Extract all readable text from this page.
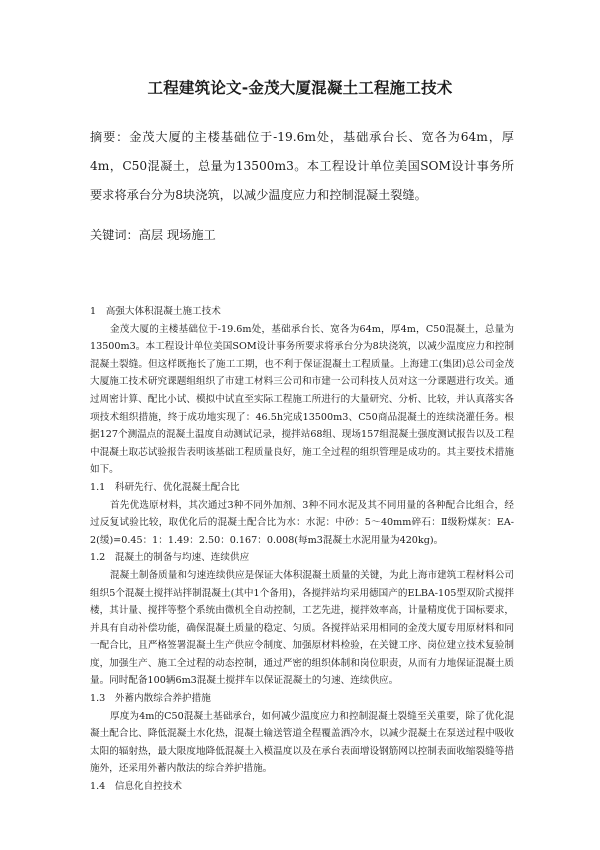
工程建筑论文-金茂大厦混凝土工程施工技术

摘要：金茂大厦的主楼基础位于-19.6m处，基础承台长、宽各为64m，厚4m，C50混凝土，总量为13500m3。本工程设计单位美国SOM设计事务所要求将承台分为8块浇筑，以减少温度应力和控制混凝土裂缝。

关键词：高层 现场施工

1　高强大体积混凝土施工技术

金茂大厦的主楼基础位于-19.6m处，基础承台长、宽各为64m，厚4m，C50混凝土，总量为13500m3。本工程设计单位美国SOM设计事务所要求将承台分为8块浇筑，以减少温度应力和控制混凝土裂缝。但这样既拖长了施工工期，也不利于保证混凝土工程质量。上海建工(集团)总公司金茂大厦施工技术研究课题组组织了市建工材料三公司和市建一公司科技人员对这一分课题进行攻关。通过周密计算、配比小试、模拟中试直至实际工程施工所进行的大量研究、分析、比较，并认真落实各项技术组织措施，终于成功地实现了：46.5h完成13500m3、C50商品混凝土的连续浇灌任务。根据127个测温点的混凝土温度自动测试记录，搅拌站68组、现场157组混凝土强度测试报告以及工程中混凝土取芯试验报告表明该基础工程质量良好，施工全过程的组织管理是成功的。其主要技术措施如下。

1.1　科研先行、优化混凝土配合比

首先优选原材料，其次通过3种不同外加剂、3种不同水泥及其不同用量的各种配合比组合，经过反复试验比较，取优化后的混凝土配合比为水：水泥：中砂：5～40mm碎石：Ⅱ级粉煤灰：EA-2(缓)=0.45：1：1.49：2.50：0.167：0.008(每m3混凝土水泥用量为420kg)。

1.2　混凝土的制备与均速、连续供应

混凝土制备质量和匀速连续供应是保证大体积混凝土质量的关键，为此上海市建筑工程材料公司组织5个混凝土搅拌站拌制混凝土(其中1个备用)，各搅拌站均采用德国产的ELBA-105型双阶式搅拌楼，其计量、搅拌等整个系统由微机全自动控制，工艺先进，搅拌效率高，计量精度优于国标要求，并具有自动补偿功能，确保混凝土质量的稳定、匀质。各搅拌站采用相同的金茂大厦专用原材料和同一配合比，且严格签署混凝土生产供应令制度、加强原材料检验，在关键工序、岗位建立技术复验制度，加强生产、施工全过程的动态控制，通过严密的组织体制和岗位职责，从而有力地保证混凝土质量。同时配备100辆6m3混凝土搅拌车以保证混凝土的匀速、连续供应。

1.3　外蓄内散综合养护措施

厚度为4m的C50混凝土基础承台，如何减少温度应力和控制混凝土裂缝至关重要，除了优化混凝土配合比、降低混凝土水化热，混凝土输送管道全程覆盖洒冷水，以减少混凝土在泵送过程中吸收太阳的辐射热，最大限度地降低混凝土入模温度以及在承台表面增设钢筋网以控制表面收缩裂缝等措施外，还采用外蓄内散法的综合养护措施。

1.4　信息化自控技术
